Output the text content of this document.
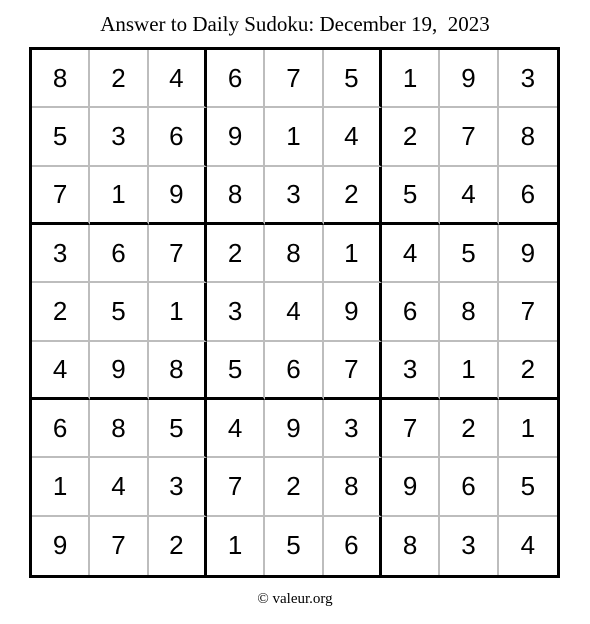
Answer to Daily Sudoku: December 19,  2023
8	2	4	6	7	5	1	9	3
5	3	6	9	1	4	2	7	8
7	1	9	8	3	2	5	4	6
3	6	7	2	8	1	4	5	9
2	5	1	3	4	9	6	8	7
4	9	8	5	6	7	3	1	2
6	8	5	4	9	3	7	2	1
1	4	3	7	2	8	9	6	5
9	7	2	1	5	6	8	3	4
© valeur.org
